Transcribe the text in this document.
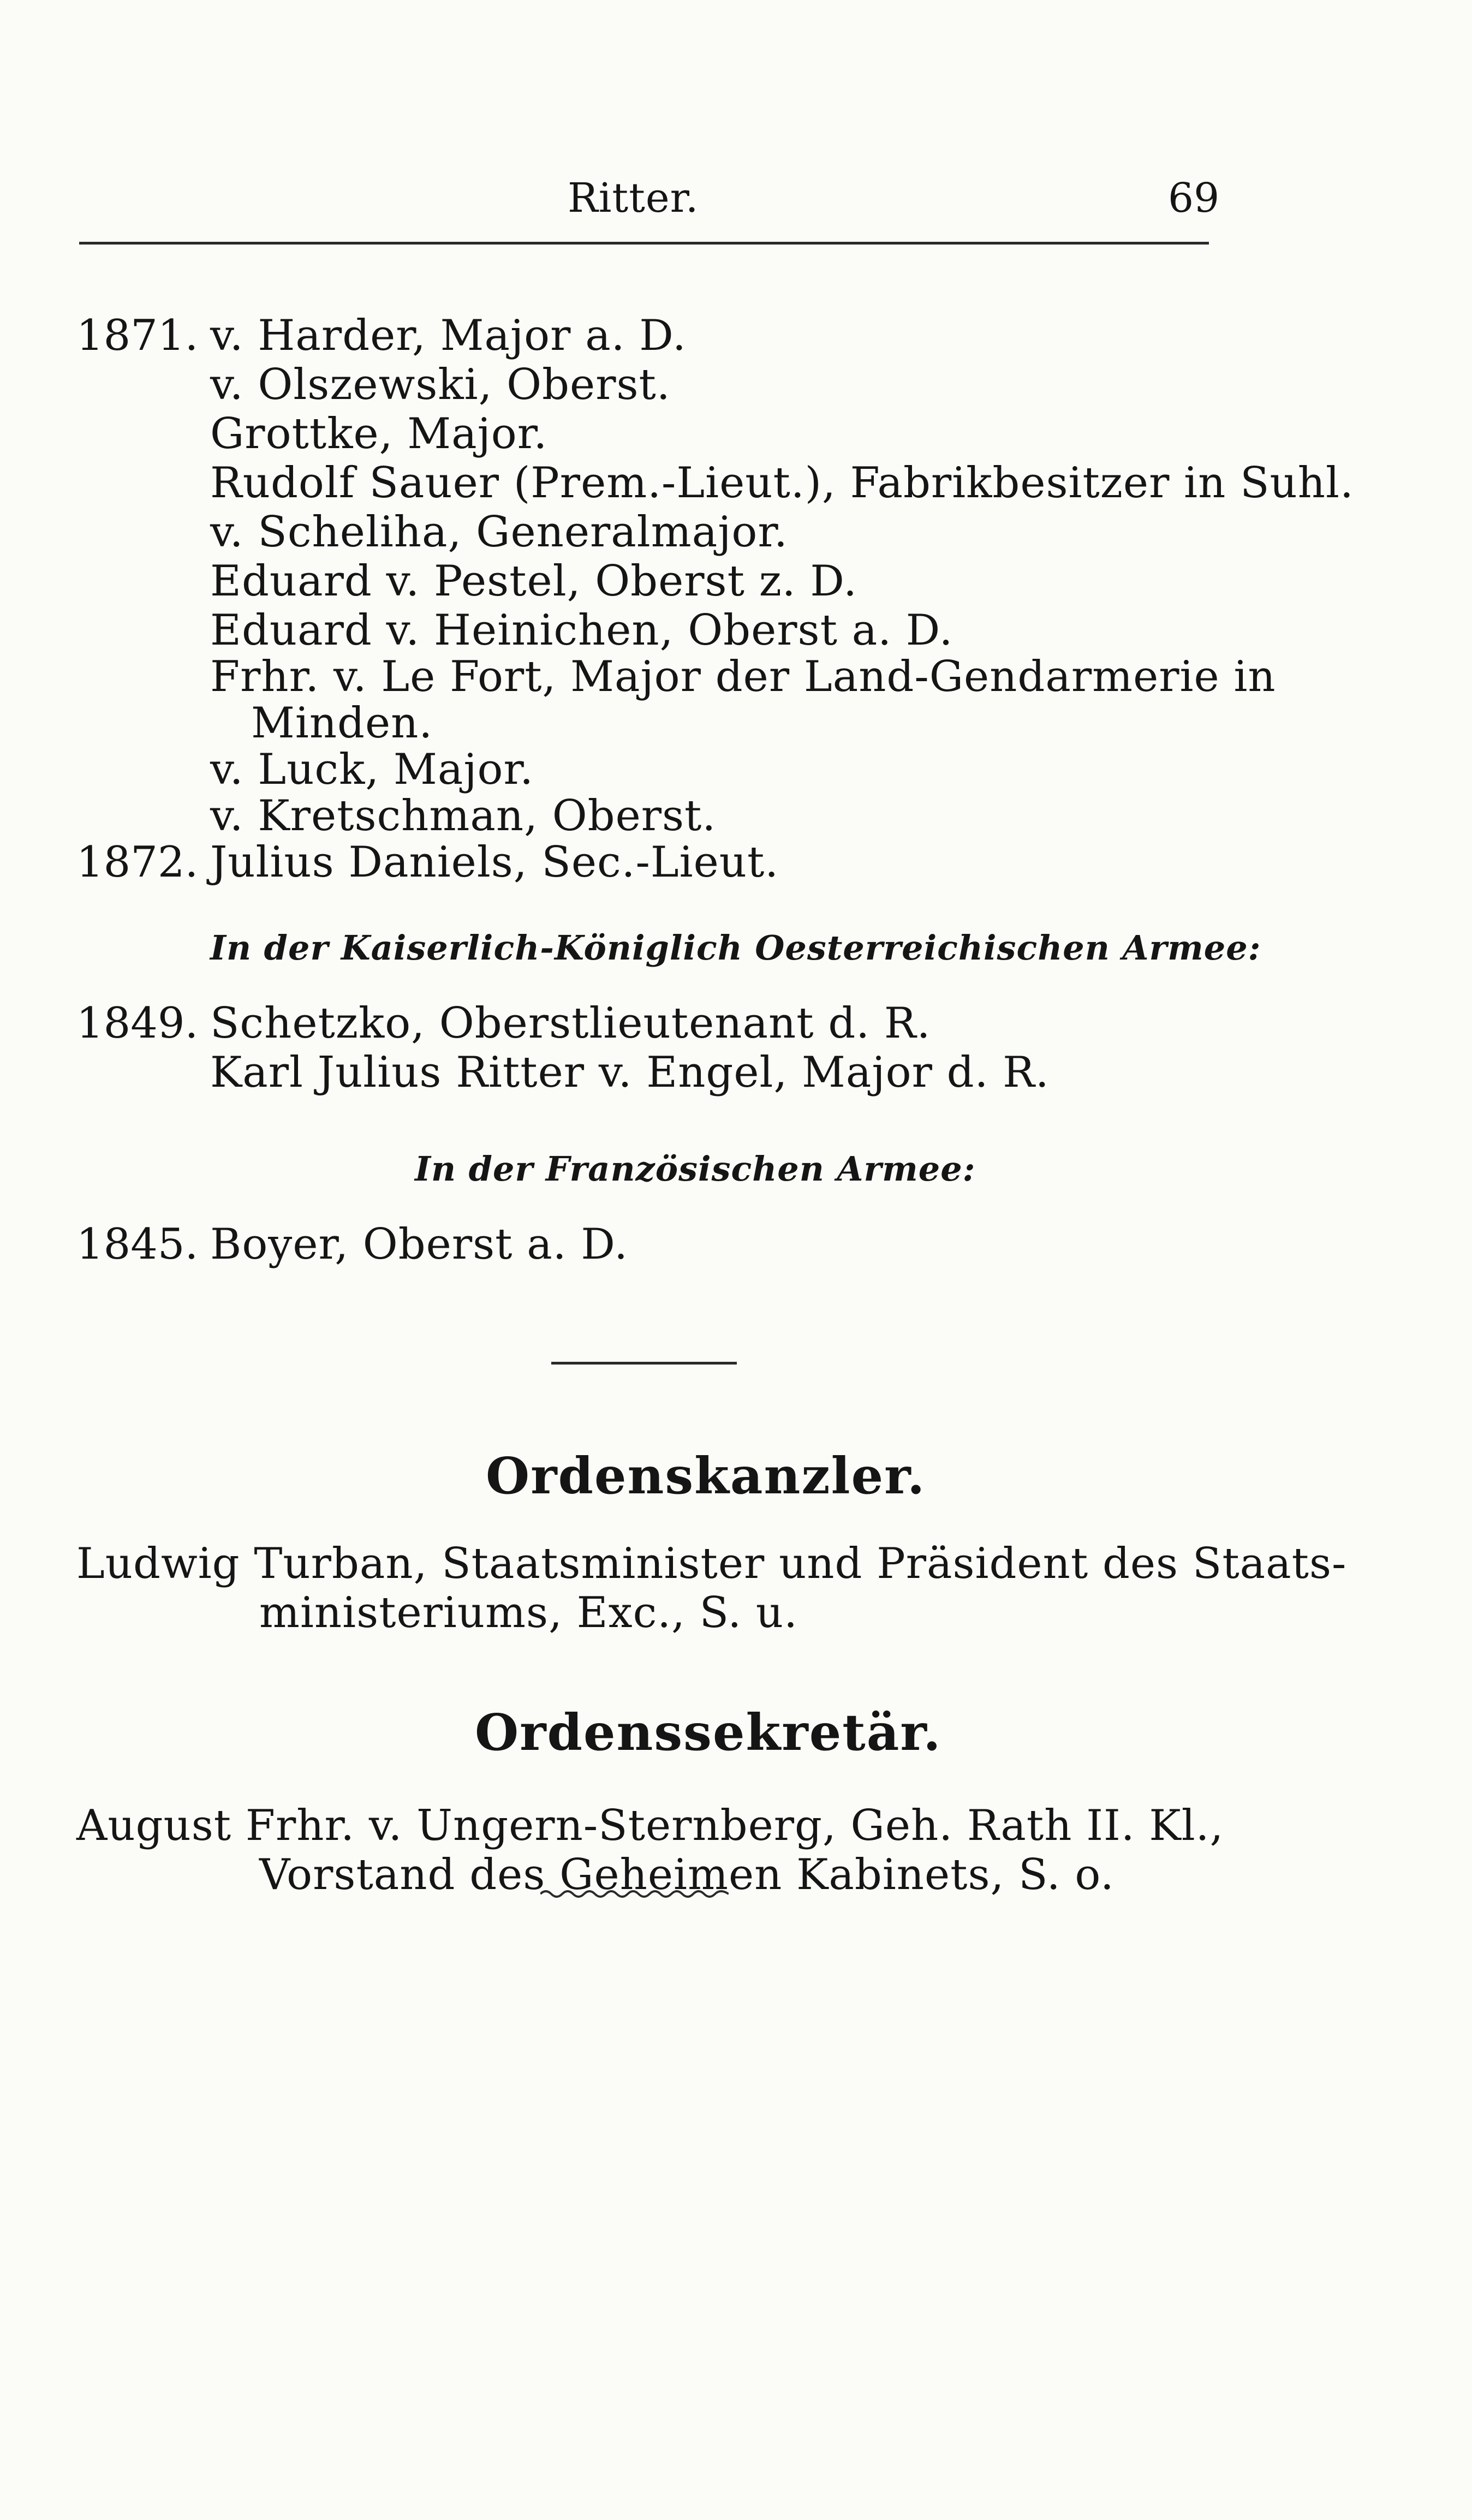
Ritter.	69
1871. v. Harder, Major a. D.
v. Olszewski, Oberst.
Grottke, Major.
Rudolf Sauer (Prem.-Lieut.), Fabrikbesitzer in Suhl.
v. Scheliha, Generalmajor.
Eduard v. Pestel, Oberst z. D.
Eduard v. Heinichen, Oberst a. D.
Frhr. v. Le Fort, Major der Land-Gendarmerie in
Minden.
v. Luck, Major.
v. Kretschman, Oberst.
1872. Julius Daniels, Sec.-Lieut.
In der Kaiserlich-Königlich Oesterreichischen Armee:
1849. Schetzko, Oberstlieutenant d. R.
Karl Julius Ritter v. Engel, Major d. R.
In der Französischen Armee:
1845. Boyer, Oberst a. D.
Ordenskanzler.
Ludwig Turban, Staatsminister und Präsident des Staats-
ministeriums, Exc., S. u.
Ordenssekretär.
August Frhr. v. Ungern-Sternberg, Geh. Rath II. Kl.,
Vorstand des Geheimen Kabinets, S. o.
